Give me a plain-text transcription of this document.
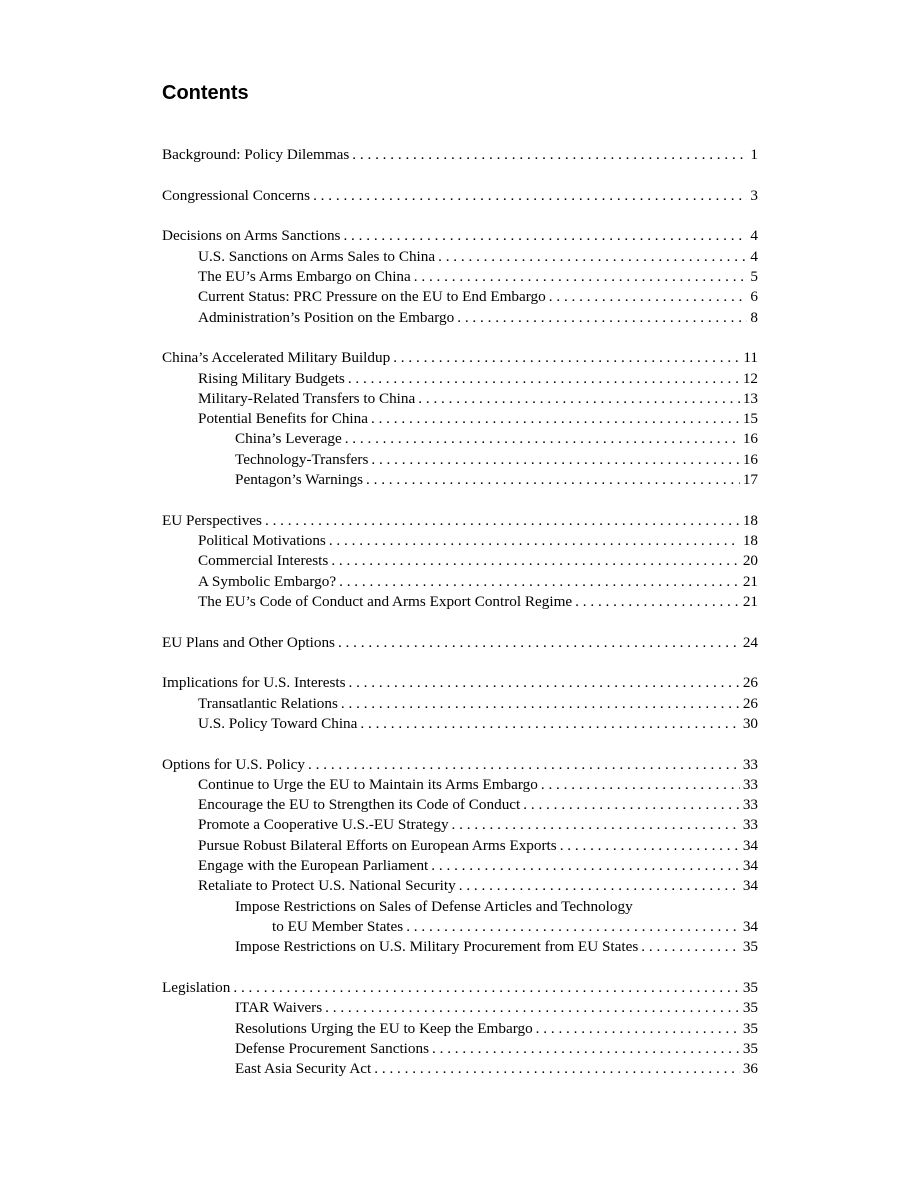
Contents
Background: Policy Dilemmas . . .	1
Congressional Concerns . . .	3
Decisions on Arms Sanctions . . .	4
U.S. Sanctions on Arms Sales to China . . .	4
The EU’s Arms Embargo on China . . .	5
Current Status: PRC Pressure on the EU to End Embargo . . .	6
Administration’s Position on the Embargo . . .	8
China’s Accelerated Military Buildup . . .	11
Rising Military Budgets . . .	12
Military-Related Transfers to China . . .	13
Potential Benefits for China . . .	15
China’s Leverage . . .	16
Technology-Transfers . . .	16
Pentagon’s Warnings . . .	17
EU Perspectives . . .	18
Political Motivations . . .	18
Commercial Interests . . .	20
A Symbolic Embargo? . . .	21
The EU’s Code of Conduct and Arms Export Control Regime . . .	21
EU Plans and Other Options . . .	24
Implications for U.S. Interests . . .	26
Transatlantic Relations . . .	26
U.S. Policy Toward China . . .	30
Options for U.S. Policy . . .	33
Continue to Urge the EU to Maintain its Arms Embargo . . .	33
Encourage the EU to Strengthen its Code of Conduct . . .	33
Promote a Cooperative U.S.-EU Strategy . . .	33
Pursue Robust Bilateral Efforts on European Arms Exports . . .	34
Engage with the European Parliament . . .	34
Retaliate to Protect U.S. National Security . . .	34
Impose Restrictions on Sales of Defense Articles and Technology
to EU Member States . . .	34
Impose Restrictions on U.S. Military Procurement from EU States . . .	35
Legislation . . .	35
ITAR Waivers . . .	35
Resolutions Urging the EU to Keep the Embargo . . .	35
Defense Procurement Sanctions . . .	35
East Asia Security Act . . .	36
